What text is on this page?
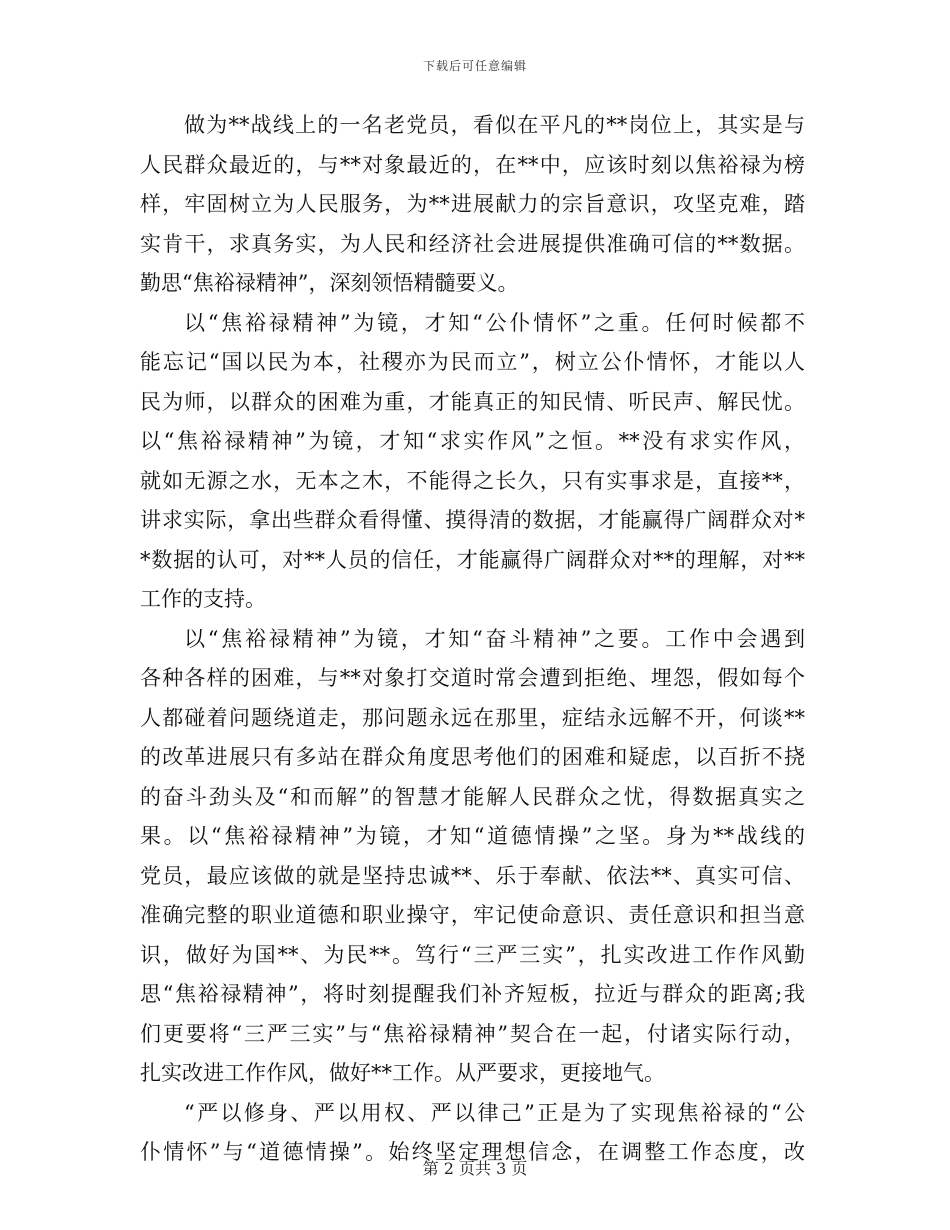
下载后可任意编辑
做为**战线上的一名老党员，看似在平凡的**岗位上，其实是与
人民群众最近的，与**对象最近的，在**中，应该时刻以焦裕禄为榜
样，牢固树立为人民服务，为**进展献力的宗旨意识，攻坚克难，踏
实肯干，求真务实，为人民和经济社会进展提供准确可信的**数据。
勤思“焦裕禄精神”，深刻领悟精髓要义。
以“焦裕禄精神”为镜，才知“公仆情怀”之重。任何时候都不
能忘记“国以民为本，社稷亦为民而立”，树立公仆情怀，才能以人
民为师，以群众的困难为重，才能真正的知民情、听民声、解民忧。
以“焦裕禄精神”为镜，才知“求实作风”之恒。**没有求实作风，
就如无源之水，无本之木，不能得之长久，只有实事求是，直接**，
讲求实际，拿出些群众看得懂、摸得清的数据，才能赢得广阔群众对*
*数据的认可，对**人员的信任，才能赢得广阔群众对**的理解，对**
工作的支持。
以“焦裕禄精神”为镜，才知“奋斗精神”之要。工作中会遇到
各种各样的困难，与**对象打交道时常会遭到拒绝、埋怨，假如每个
人都碰着问题绕道走，那问题永远在那里，症结永远解不开，何谈**
的改革进展只有多站在群众角度思考他们的困难和疑虑，以百折不挠
的奋斗劲头及“和而解”的智慧才能解人民群众之忧，得数据真实之
果。以“焦裕禄精神”为镜，才知“道德情操”之坚。身为**战线的
党员，最应该做的就是坚持忠诚**、乐于奉献、依法**、真实可信、
准确完整的职业道德和职业操守，牢记使命意识、责任意识和担当意
识，做好为国**、为民**。笃行“三严三实”，扎实改进工作作风勤
思“焦裕禄精神”，将时刻提醒我们补齐短板，拉近与群众的距离;我
们更要将“三严三实”与“焦裕禄精神”契合在一起，付诸实际行动，
扎实改进工作作风，做好**工作。从严要求，更接地气。
“严以修身、严以用权、严以律己”正是为了实现焦裕禄的“公
仆情怀”与“道德情操”。始终坚定理想信念，在调整工作态度，改
第 2 页共 3 页
